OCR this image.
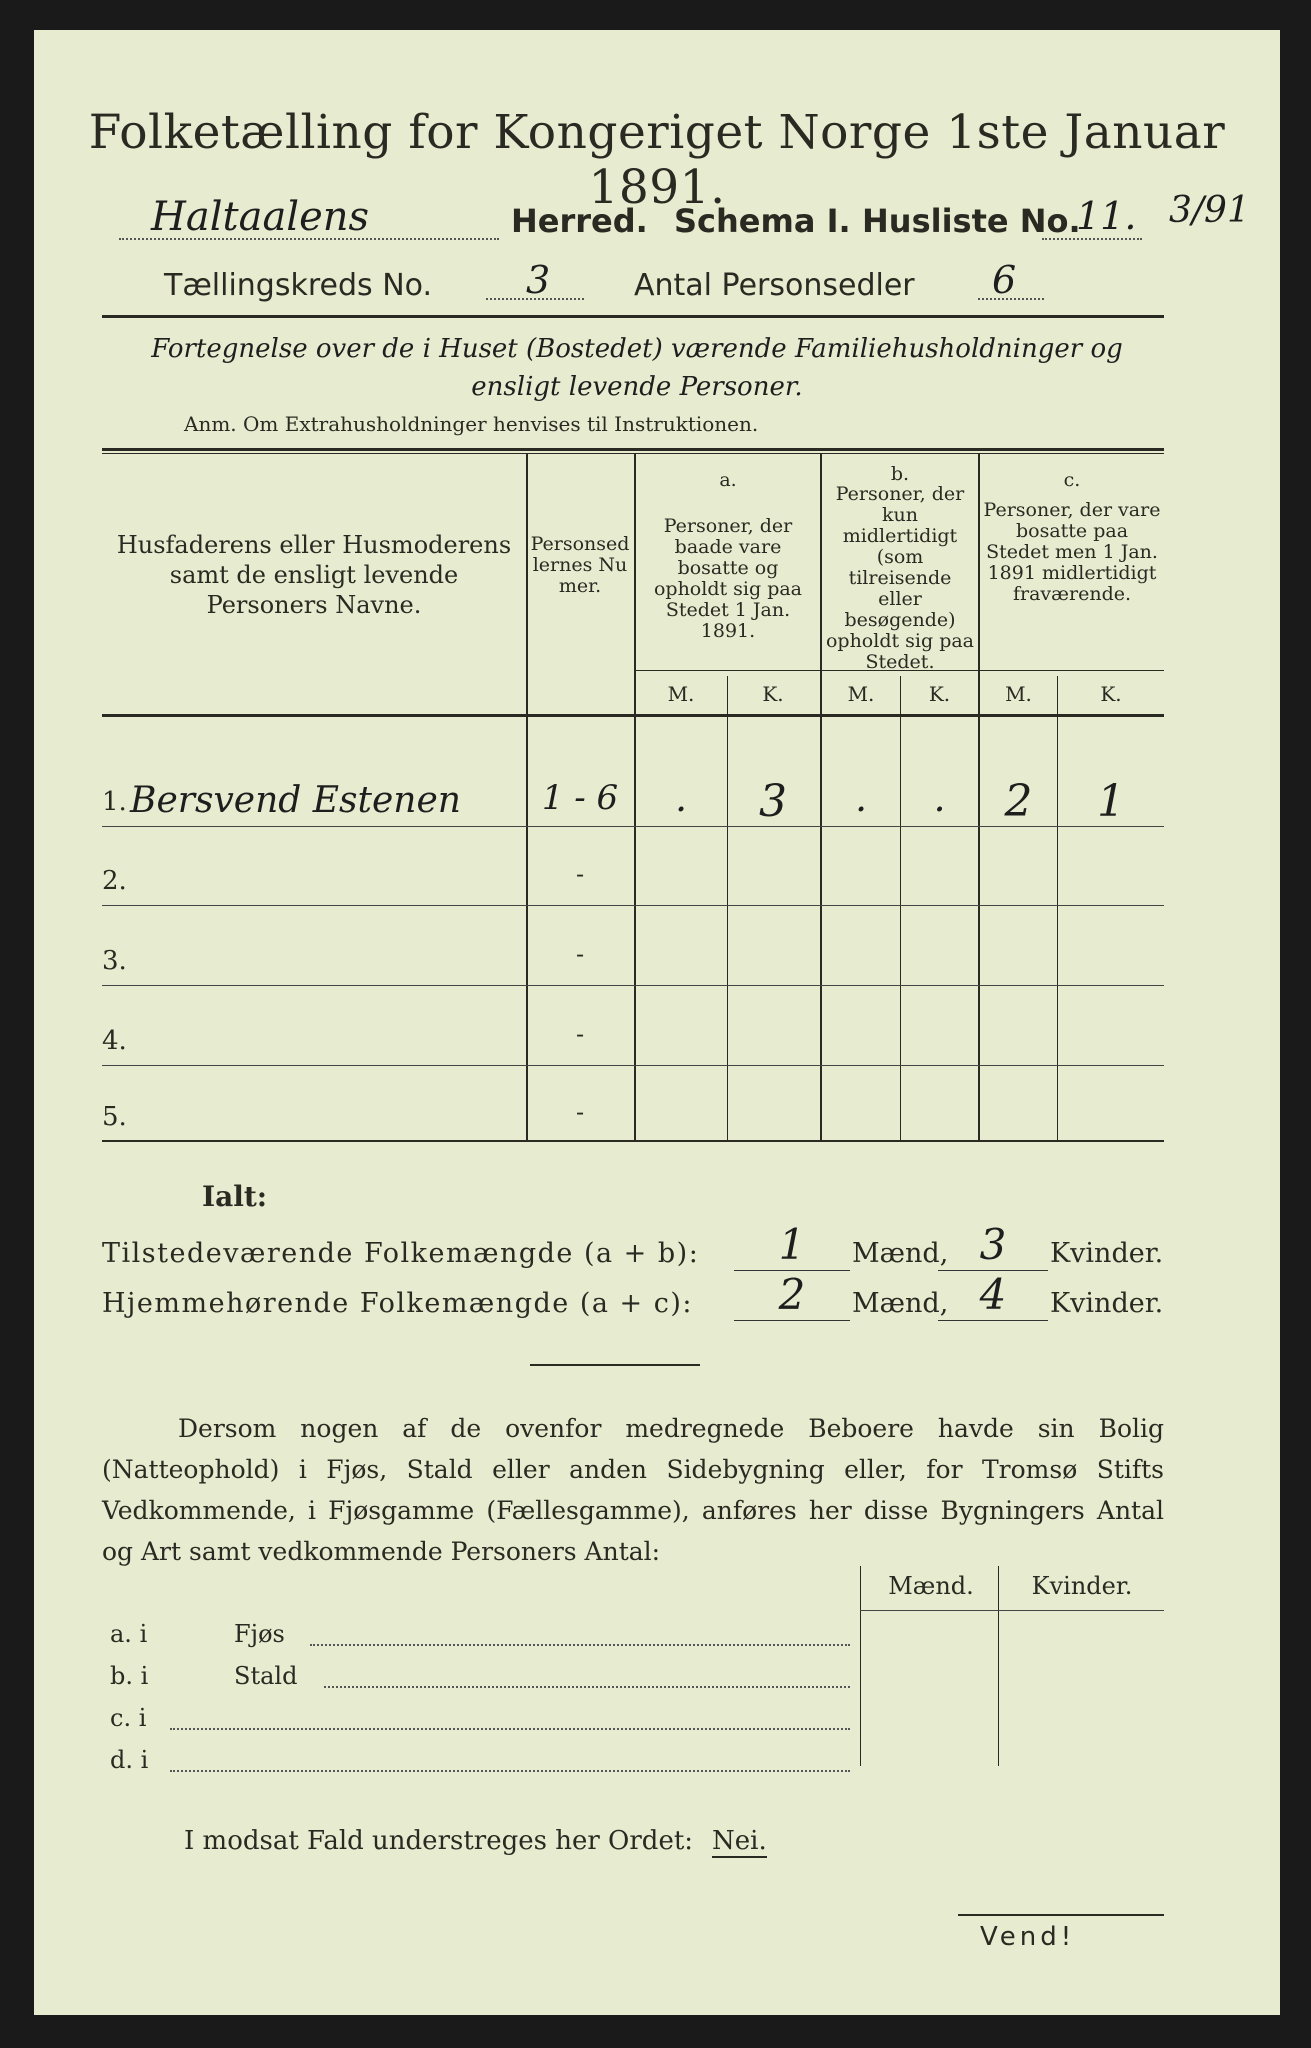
Folketælling for Kongeriget Norge 1ste Januar 1891.
Haltaalens	Herred. Schema I. Husliste No.
11. 3/91
Tællingskreds No. 3	Antal Personsedler 6
Fortegnelse over de i Huset (Bostedet) værende Familiehusholdninger og ensligt levende Personer.
Anm. Om Extrahusholdninger henvises til Instruktionen.
Husfaderens eller Husmoderens samt de ensligt levende Personers Navne.
Personsedlernes Numer.
a.
Personer, der baade vare bosatte og opholdt sig paa Stedet 1 Jan. 1891.
b.
Personer, der kun midlertidigt (som tilreisende eller besøgende) opholdt sig paa Stedet.
c.
Personer, der vare bosatte paa Stedet men 1 Jan. 1891 midlertidigt fraværende.
M.	K.	M.	K.	M.	K.
1. Bersvend Estenen	1 - 6	.	3	.	.	2	1
2.	-
3.	-
4.	-
5.	-
Ialt:
Tilstedeværende Folkemængde (a + b):	1	Mænd, 3	Kvinder.
Hjemmehørende Folkemængde (a + c):	2	Mænd, 4	Kvinder.
Dersom nogen af de ovenfor medregnede Beboere havde sin Bolig (Natteophold) i Fjøs, Stald eller anden Sidebygning eller, for Tromsø Stifts Vedkommende, i Fjøsgamme (Fællesgamme), anføres her disse Bygningers Antal og Art samt vedkommende Personers Antal:
Mænd.	Kvinder.
a. i	Fjøs
b. i	Stald
c. i
d. i
I modsat Fald understreges her Ordet: Nei.
Vend!
